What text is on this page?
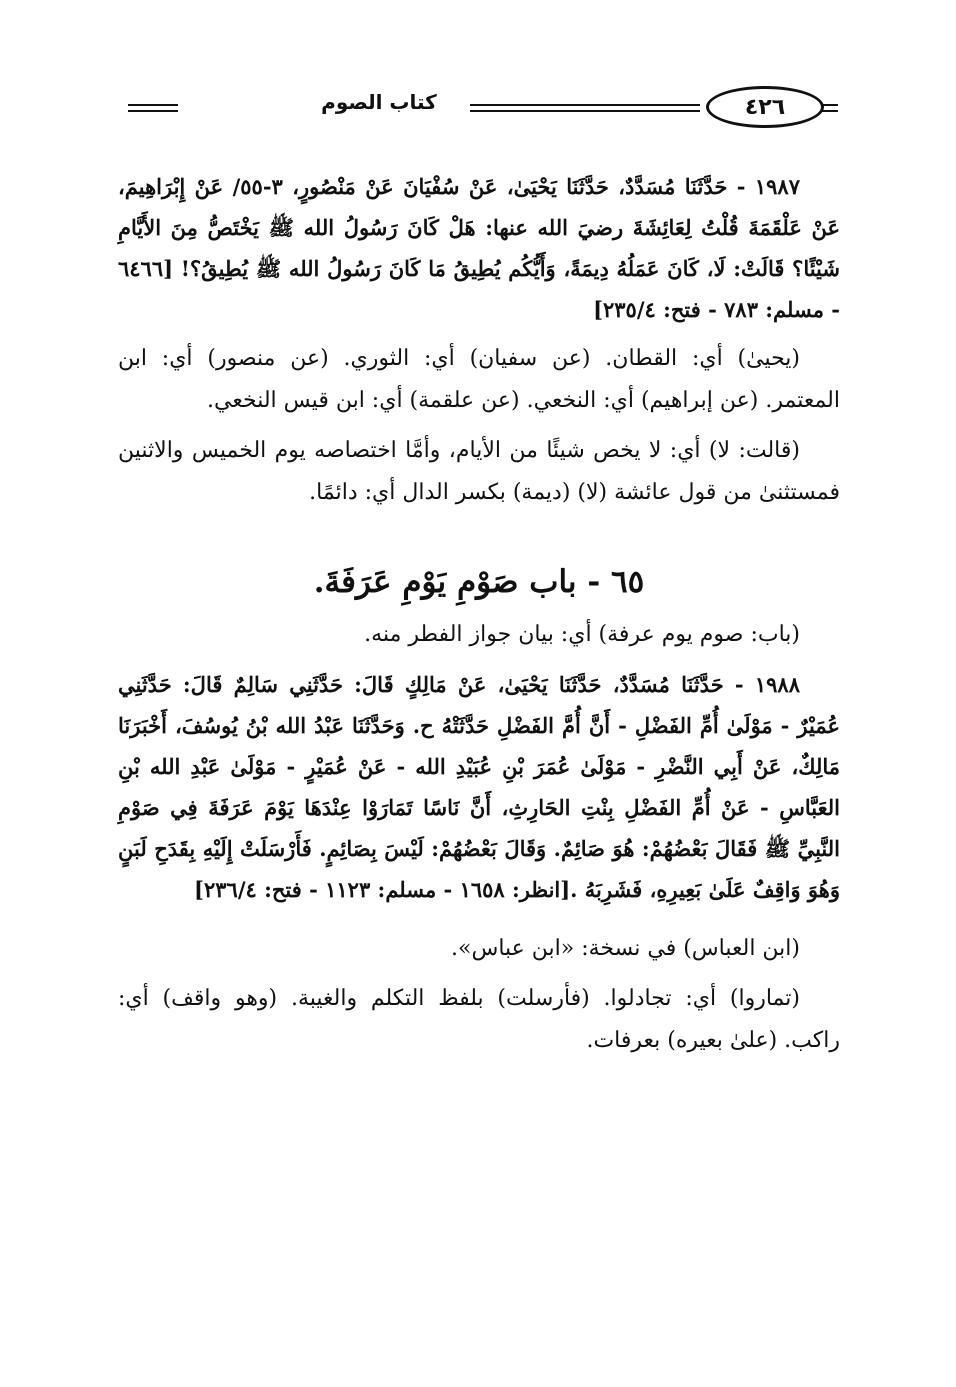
كتاب الصوم	٤٢٦

١٩٨٧ - حَدَّثَنَا مُسَدَّدٌ، حَدَّثَنَا يَحْيَىٰ، عَنْ سُفْيَانَ عَنْ مَنْصُورٍ، ٣-٥٥/ عَنْ إِبْرَاهِيمَ، عَنْ عَلْقَمَةَ قُلْتُ لِعَائِشَةَ رضيَ الله عنها: هَلْ كَانَ رَسُولُ الله ﷺ يَخْتَصُّ مِنَ الأَيَّامِ شَيْئًا؟ قَالَتْ: لَا، كَانَ عَمَلُهُ دِيمَةً، وَأَيُّكُم يُطِيقُ مَا كَانَ رَسُولُ الله ﷺ يُطِيقُ؟! [٦٤٦٦ - مسلم: ٧٨٣ - فتح: ٢٣٥/٤]

(يحيىٰ) أي: القطان. (عن سفيان) أي: الثوري. (عن منصور) أي: ابن المعتمر. (عن إبراهيم) أي: النخعي. (عن علقمة) أي: ابن قيس النخعي.

(قالت: لا) أي: لا يخص شيئًا من الأيام، وأمَّا اختصاصه يوم الخميس والاثنين فمستثنىٰ من قول عائشة (لا) (ديمة) بكسر الدال أي: دائمًا.

٦٥ - باب صَوْمِ يَوْمِ عَرَفَةَ.

(باب: صوم يوم عرفة) أي: بيان جواز الفطر منه.

١٩٨٨ - حَدَّثَنَا مُسَدَّدٌ، حَدَّثَنَا يَحْيَىٰ، عَنْ مَالِكٍ قَالَ: حَدَّثَنِي سَالِمٌ قَالَ: حَدَّثَنِي عُمَيْرٌ - مَوْلَىٰ أُمِّ الفَضْلِ - أَنَّ أُمَّ الفَضْلِ حَدَّثَتْهُ ح. وَحَدَّثَنَا عَبْدُ الله بْنُ يُوسُفَ، أَخْبَرَنَا مَالِكٌ، عَنْ أَبِي النَّضْرِ - مَوْلَىٰ عُمَرَ بْنِ عُبَيْدِ الله - عَنْ عُمَيْرٍ - مَوْلَىٰ عَبْدِ الله بْنِ العَبَّاسِ - عَنْ أُمِّ الفَضْلِ بِنْتِ الحَارِثِ، أَنَّ نَاسًا تَمَارَوْا عِنْدَهَا يَوْمَ عَرَفَةَ فِي صَوْمِ النَّبِيِّ ﷺ فَقَالَ بَعْضُهُمْ: هُوَ صَائِمٌ. وَقَالَ بَعْضُهُمْ: لَيْسَ بِصَائِمٍ. فَأَرْسَلَتْ إِلَيْهِ بِقَدَحِ لَبَنٍ وَهُوَ وَاقِفٌ عَلَىٰ بَعِيرِهِ، فَشَرِبَهُ .[انظر: ١٦٥٨ - مسلم: ١١٢٣ - فتح: ٢٣٦/٤]

(ابن العباس) في نسخة: «ابن عباس».

(تماروا) أي: تجادلوا. (فأرسلت) بلفظ التكلم والغيبة. (وهو واقف) أي: راكب. (علىٰ بعيره) بعرفات.
